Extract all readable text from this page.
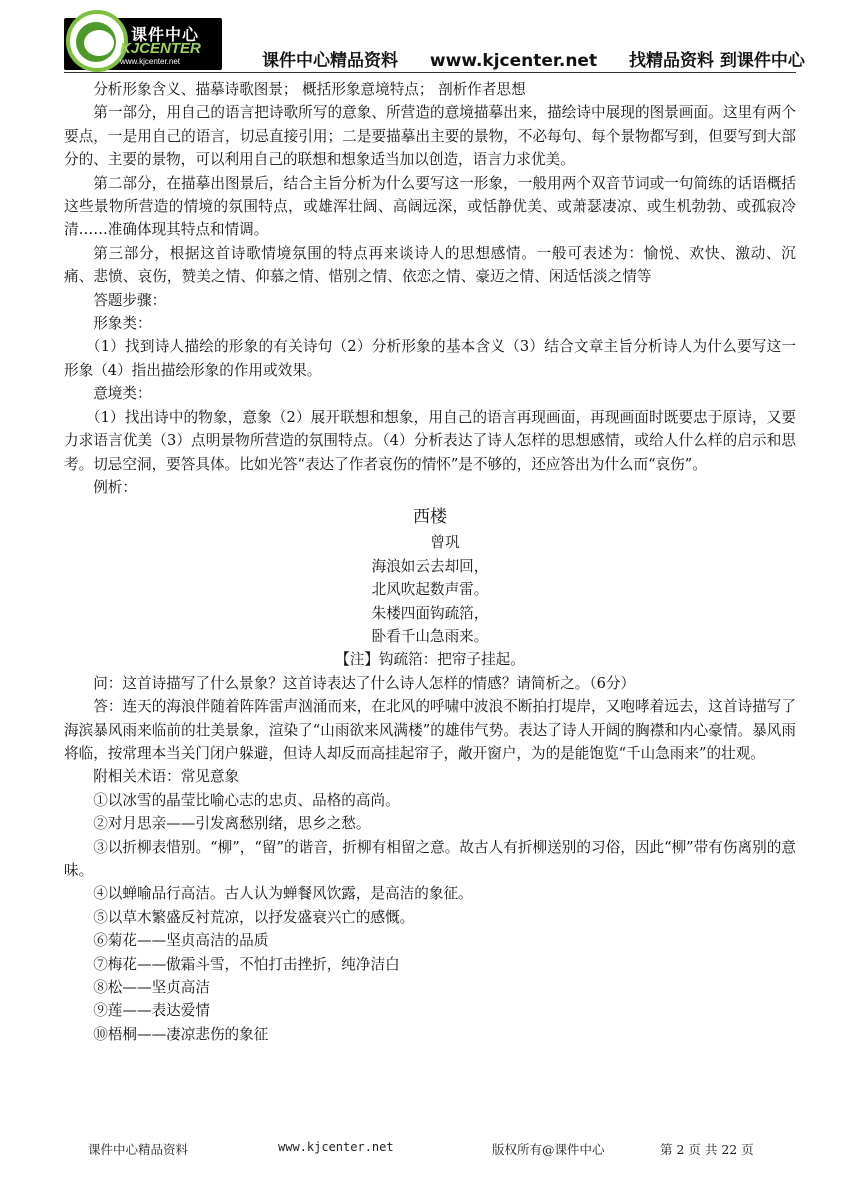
课件中心
KJCENTER
www.kjcenter.net	课件中心精品资料 www.kjcenter.net 找精品资料 到课件中心

分析形象含义、描摹诗歌图景； 概括形象意境特点； 剖析作者思想

第一部分，用自己的语言把诗歌所写的意象、所营造的意境描摹出来，描绘诗中展现的图景画面。这里有两个要点，一是用自己的语言，切忌直接引用；二是要描摹出主要的景物，不必每句、每个景物都写到，但要写到大部分的、主要的景物，可以利用自己的联想和想象适当加以创造，语言力求优美。

第二部分，在描摹出图景后，结合主旨分析为什么要写这一形象，一般用两个双音节词或一句简练的话语概括这些景物所营造的情境的氛围特点，或雄浑壮阔、高阔远深，或恬静优美、或萧瑟凄凉、或生机勃勃、或孤寂冷清……准确体现其特点和情调。

第三部分，根据这首诗歌情境氛围的特点再来谈诗人的思想感情。一般可表述为：愉悦、欢快、激动、沉痛、悲愤、哀伤，赞美之情、仰慕之情、惜别之情、依恋之情、豪迈之情、闲适恬淡之情等

答题步骤：

形象类：

（1）找到诗人描绘的形象的有关诗句（2）分析形象的基本含义（3）结合文章主旨分析诗人为什么要写这一形象（4）指出描绘形象的作用或效果。

意境类：

（1）找出诗中的物象，意象（2）展开联想和想象，用自己的语言再现画面，再现画面时既要忠于原诗，又要力求语言优美（3）点明景物所营造的氛围特点。（4）分析表达了诗人怎样的思想感情，或给人什么样的启示和思考。切忌空洞，要答具体。比如光答“表达了作者哀伤的情怀”是不够的，还应答出为什么而“哀伤”。

例析：

西楼

曾巩

海浪如云去却回，

北风吹起数声雷。

朱楼四面钩疏箔，

卧看千山急雨来。

【注】钩疏箔：把帘子挂起。

问：这首诗描写了什么景象？这首诗表达了什么诗人怎样的情感？请简析之。（6分）

答：连天的海浪伴随着阵阵雷声汹涌而来，在北风的呼啸中波浪不断拍打堤岸，又咆哮着远去，这首诗描写了海滨暴风雨来临前的壮美景象，渲染了“山雨欲来风满楼”的雄伟气势。表达了诗人开阔的胸襟和内心豪情。暴风雨将临，按常理本当关门闭户躲避，但诗人却反而高挂起帘子，敞开窗户，为的是能饱览“千山急雨来”的壮观。

附相关术语：常见意象

①以冰雪的晶莹比喻心志的忠贞、品格的高尚。

②对月思亲——引发离愁别绪，思乡之愁。

③以折柳表惜别。“柳”，“留”的谐音，折柳有相留之意。故古人有折柳送别的习俗，因此“柳”带有伤离别的意味。

④以蝉喻品行高洁。古人认为蝉餐风饮露，是高洁的象征。

⑤以草木繁盛反衬荒凉，以抒发盛衰兴亡的感慨。

⑥菊花——坚贞高洁的品质

⑦梅花——傲霜斗雪，不怕打击挫折，纯净洁白

⑧松——坚贞高洁

⑨莲——表达爱情

⑩梧桐——凄凉悲伤的象征

课件中心精品资料	www.kjcenter.net	版权所有@课件中心	第 2 页 共 22 页
